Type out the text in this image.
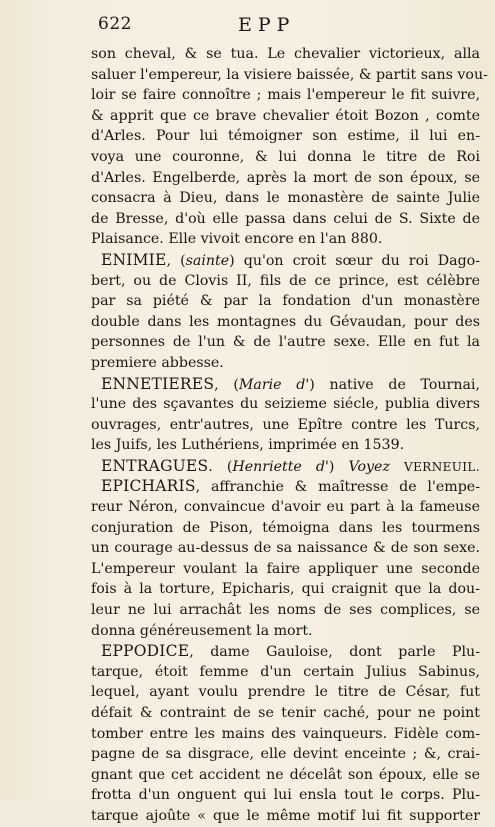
622	EPP
son cheval, & se tua. Le chevalier victorieux, alla
saluer l'empereur, la visiere baissée, & partit sans vou-
loir se faire connoître ; mais l'empereur le fit suivre,
& apprit que ce brave chevalier étoit Bozon , comte
d'Arles. Pour lui témoigner son estime, il lui en-
voya une couronne, & lui donna le titre de Roi
d'Arles. Engelberde, après la mort de son époux, se
consacra à Dieu, dans le monastère de sainte Julie
de Bresse, d'où elle passa dans celui de S. Sixte de
Plaisance. Elle vivoit encore en l'an 880.
ENIMIE, (sainte) qu'on croit sœur du roi Dago-
bert, ou de Clovis II, fils de ce prince, est célèbre
par sa piété & par la fondation d'un monastère
double dans les montagnes du Gévaudan, pour des
personnes de l'un & de l'autre sexe. Elle en fut la
premiere abbesse.
ENNETIERES, (Marie d') native de Tournai,
l'une des sçavantes du seizieme siécle, publia divers
ouvrages, entr'autres, une Epître contre les Turcs,
les Juifs, les Luthériens, imprimée en 1539.
ENTRAGUES. (Henriette d') Voyez VERNEUIL.
EPICHARIS, affranchie & maîtresse de l'empe-
reur Néron, convaincue d'avoir eu part à la fameuse
conjuration de Pison, témoigna dans les tourmens
un courage au-dessus de sa naissance & de son sexe.
L'empereur voulant la faire appliquer une seconde
fois à la torture, Epicharis, qui craignit que la dou-
leur ne lui arrachât les noms de ses complices, se
donna généreusement la mort.
EPPODICE, dame Gauloise, dont parle Plu-
tarque, étoit femme d'un certain Julius Sabinus,
lequel, ayant voulu prendre le titre de César, fut
défait & contraint de se tenir caché, pour ne point
tomber entre les mains des vainqueurs. Fidèle com-
pagne de sa disgrace, elle devint enceinte ; &, crai-
gnant que cet accident ne décelât son époux, elle se
frotta d'un onguent qui lui ensla tout le corps. Plu-
tarque ajoûte « que le même motif lui fit supporter
